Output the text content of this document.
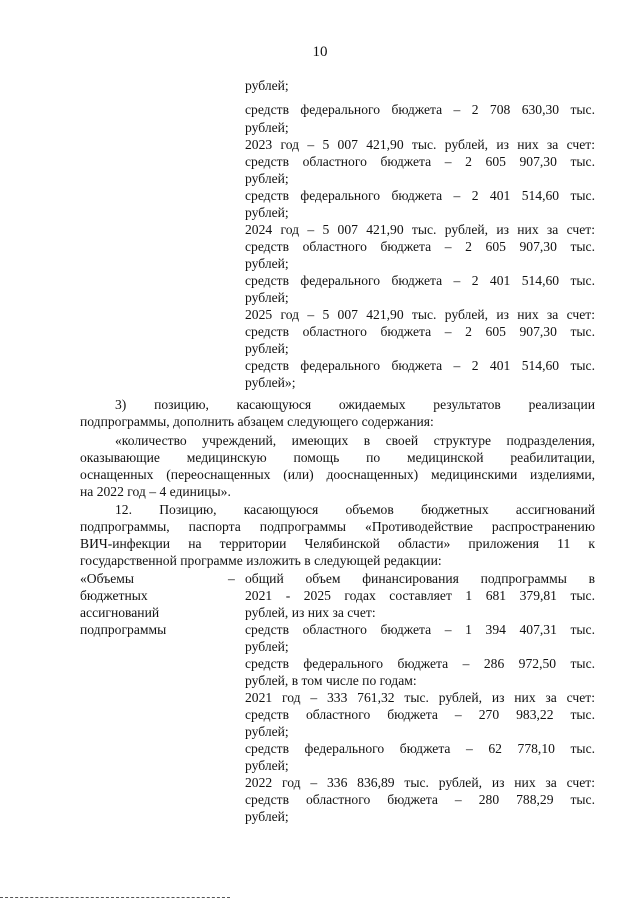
10
рублей;
средств федерального бюджета – 2 708 630,30 тыс.
рублей;
2023 год – 5 007 421,90 тыс. рублей, из них за счет:
средств областного бюджета – 2 605 907,30 тыс.
рублей;
средств федерального бюджета – 2 401 514,60 тыс.
рублей;
2024 год – 5 007 421,90 тыс. рублей, из них за счет:
средств областного бюджета – 2 605 907,30 тыс.
рублей;
средств федерального бюджета – 2 401 514,60 тыс.
рублей;
2025 год – 5 007 421,90 тыс. рублей, из них за счет:
средств областного бюджета – 2 605 907,30 тыс.
рублей;
средств федерального бюджета – 2 401 514,60 тыс.
рублей»;
3) позицию, касающуюся ожидаемых результатов реализации
подпрограммы, дополнить абзацем следующего содержания:
«количество учреждений, имеющих в своей структуре подразделения,
оказывающие медицинскую помощь по медицинской реабилитации,
оснащенных (переоснащенных (или) дооснащенных) медицинскими изделиями,
на 2022 год – 4 единицы».
12. Позицию, касающуюся объемов бюджетных ассигнований
подпрограммы, паспорта подпрограммы «Противодействие распространению
ВИЧ-инфекции на территории Челябинской области» приложения 11 к
государственной программе изложить в следующей редакции:
«Объемы
бюджетных
ассигнований
подпрограммы
– общий объем финансирования подпрограммы в
2021 - 2025 годах составляет 1 681 379,81 тыс.
рублей, из них за счет:
средств областного бюджета – 1 394 407,31 тыс.
рублей;
средств федерального бюджета – 286 972,50 тыс.
рублей, в том числе по годам:
2021 год – 333 761,32 тыс. рублей, из них за счет:
средств областного бюджета – 270 983,22 тыс.
рублей;
средств федерального бюджета – 62 778,10 тыс.
рублей;
2022 год – 336 836,89 тыс. рублей, из них за счет:
средств областного бюджета – 280 788,29 тыс.
рублей;
